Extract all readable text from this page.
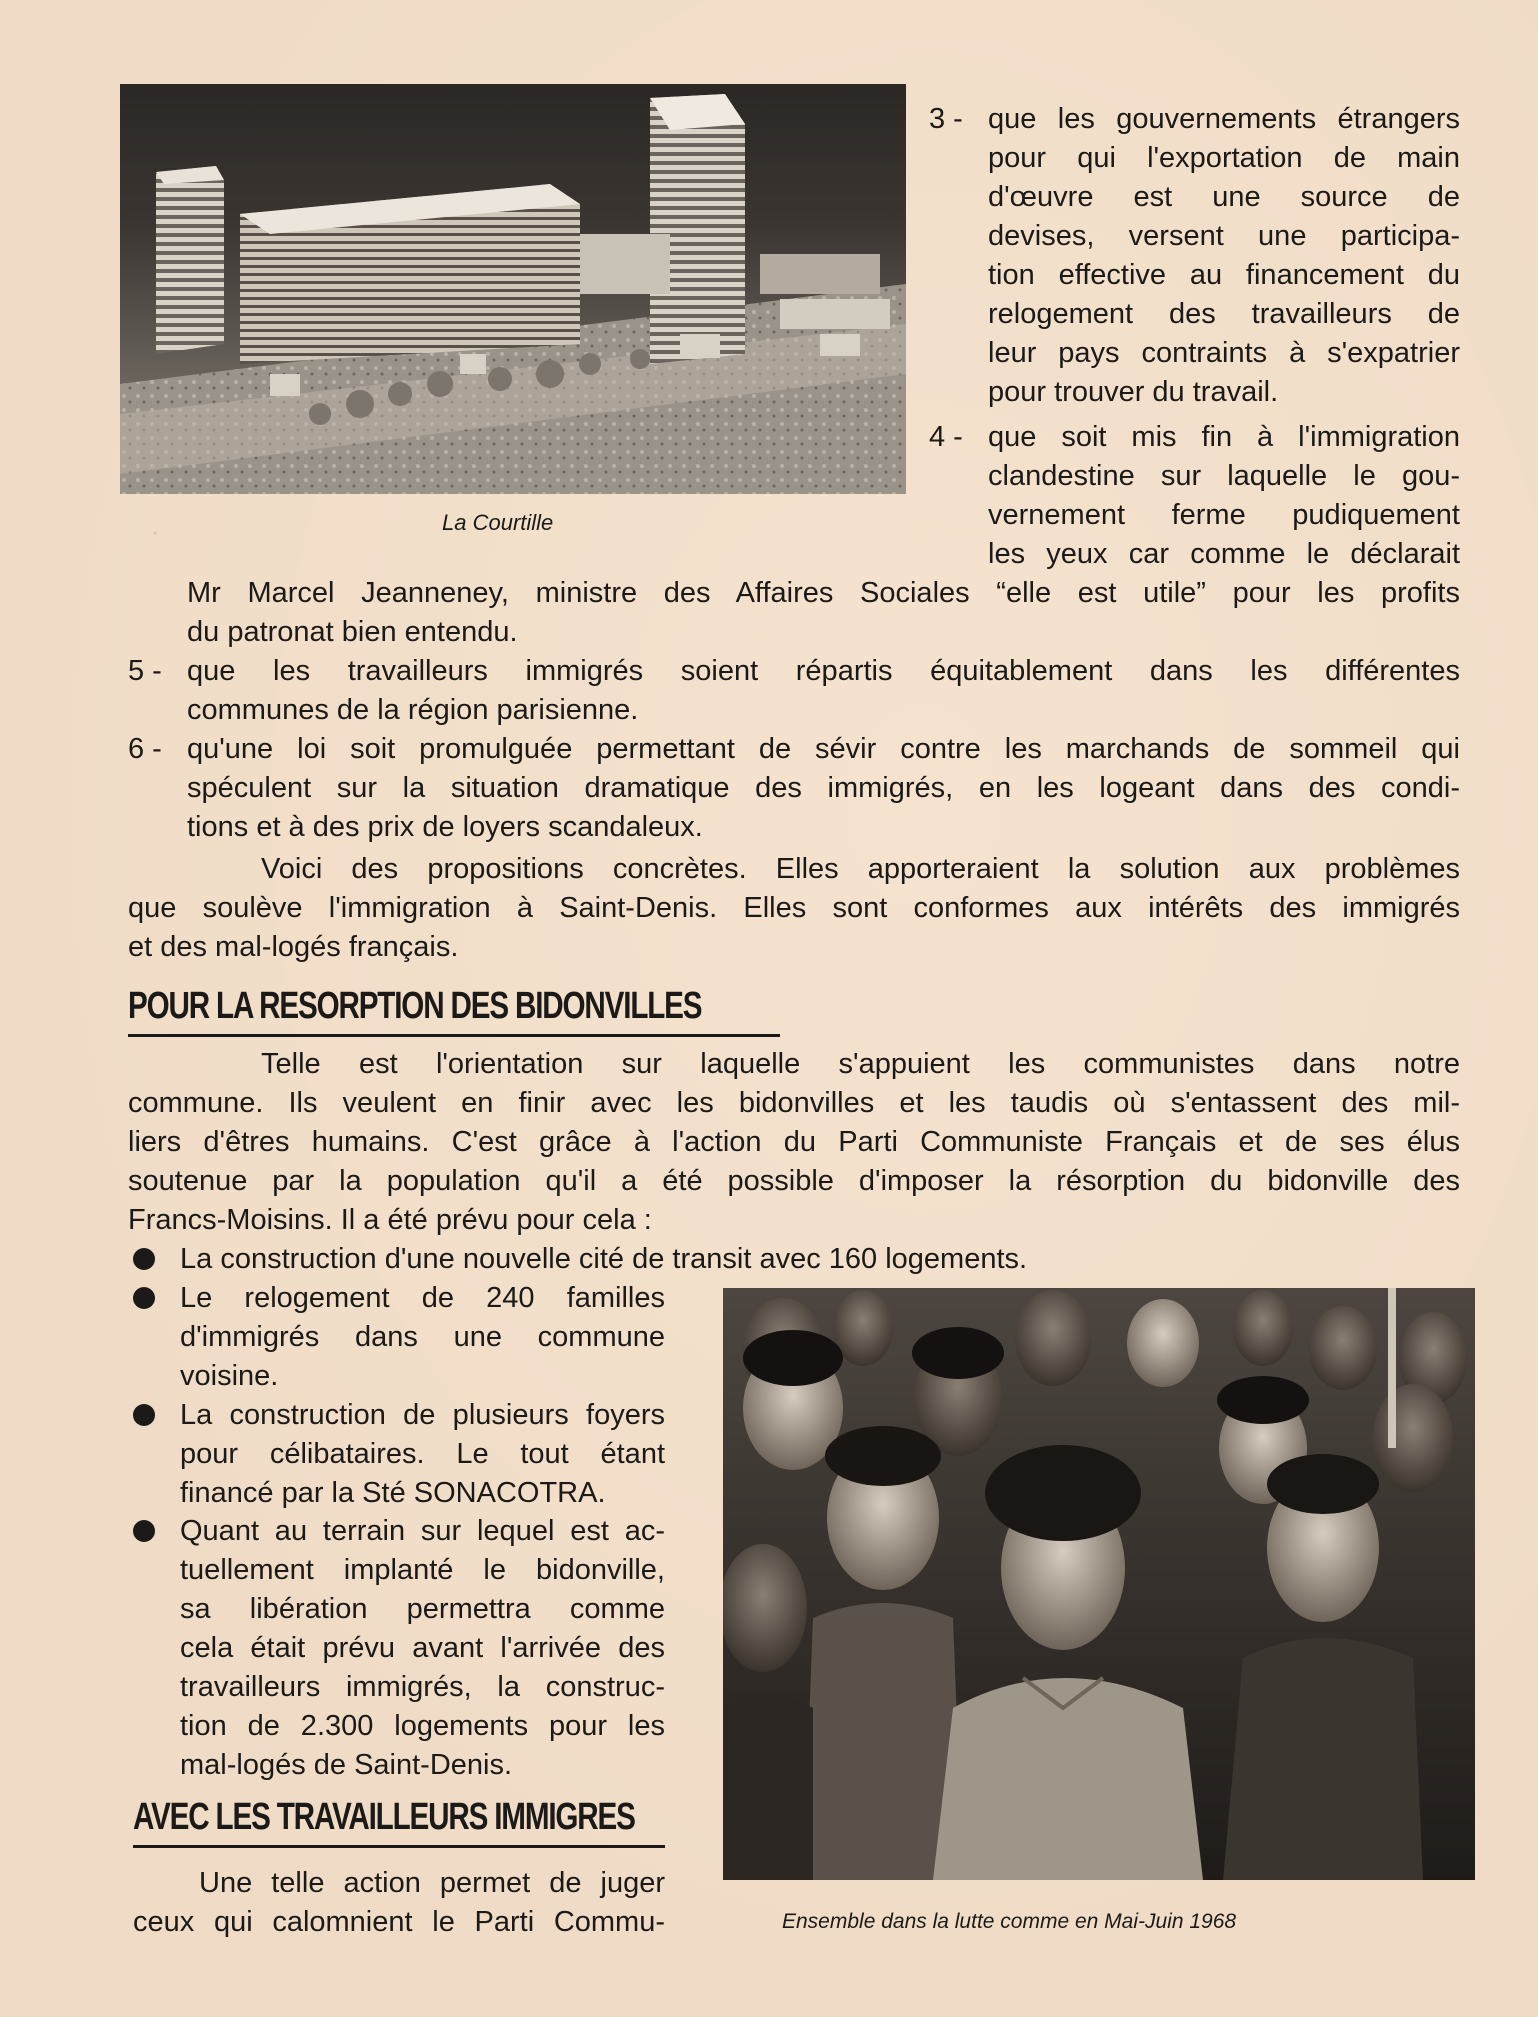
·	La Courtille
3 - que les gouvernements étrangers

pour qui l'exportation de main

d'œuvre est une source de

devises, versent une participa-

tion effective au financement du

relogement des travailleurs de

leur pays contraints à s'expatrier

pour trouver du travail.

4 - que soit mis fin à l'immigration

clandestine sur laquelle le gou-

vernement ferme pudiquement

les yeux car comme le déclarait

Mr Marcel Jeanneney, ministre des Affaires Sociales “elle est utile” pour les profits

du patronat bien entendu.

5 - que les travailleurs immigrés soient répartis équitablement dans les différentes

communes de la région parisienne.

6 - qu'une loi soit promulguée permettant de sévir contre les marchands de sommeil qui

spéculent sur la situation dramatique des immigrés, en les logeant dans des condi-

tions et à des prix de loyers scandaleux.

Voici des propositions concrètes. Elles apporteraient la solution aux problèmes

que soulève l'immigration à Saint-Denis. Elles sont conformes aux intérêts des immigrés

et des mal-logés français.

POUR LA RESORPTION DES BIDONVILLES

Telle est l'orientation sur laquelle s'appuient les communistes dans notre

commune. Ils veulent en finir avec les bidonvilles et les taudis où s'entassent des mil-

liers d'êtres humains. C'est grâce à l'action du Parti Communiste Français et de ses élus

soutenue par la population qu'il a été possible d'imposer la résorption du bidonville des

Francs-Moisins. Il a été prévu pour cela :

La construction d'une nouvelle cité de transit avec 160 logements.

Le relogement de 240 familles

d'immigrés dans une commune

voisine.

La construction de plusieurs foyers

pour célibataires. Le tout étant

financé par la Sté SONACOTRA.

Quant au terrain sur lequel est ac-

tuellement implanté le bidonville,

sa libération permettra comme

cela était prévu avant l'arrivée des

travailleurs immigrés, la construc-

tion de 2.300 logements pour les

mal-logés de Saint-Denis.

AVEC LES TRAVAILLEURS IMMIGRES

Une telle action permet de juger

ceux qui calomnient le Parti Commu-	Ensemble dans la lutte comme en Mai-Juin 1968
